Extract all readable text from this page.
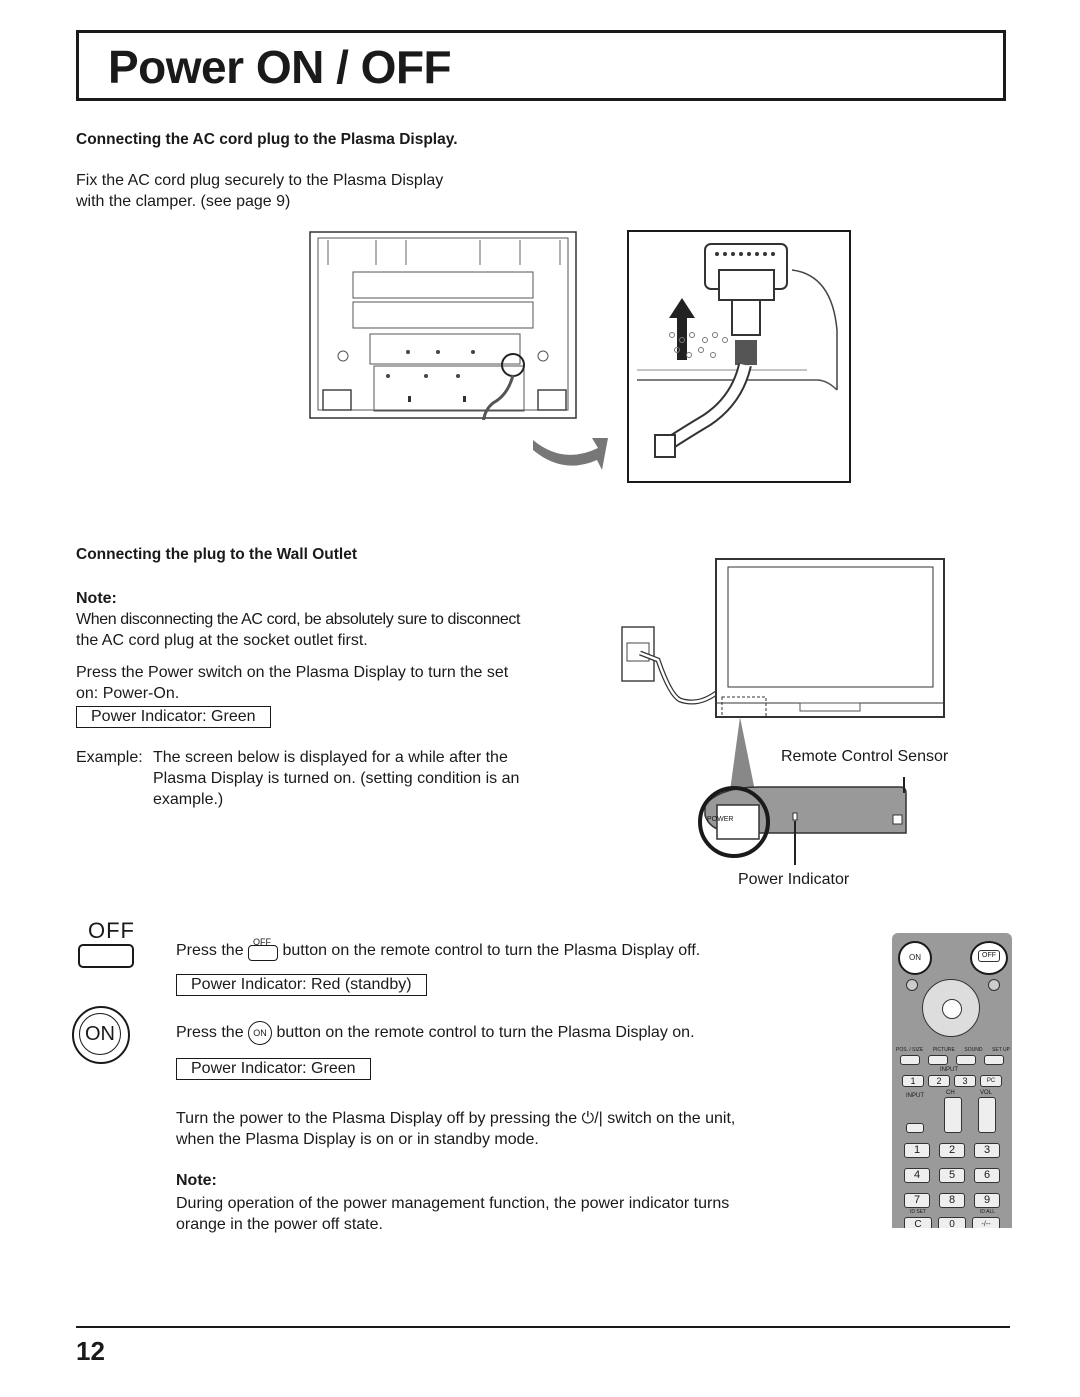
Power ON / OFF
Connecting the AC cord plug to the Plasma Display.
Fix the AC cord plug securely to the Plasma Display
with the clamper. (see page 9)
Connecting the plug to the Wall Outlet
Note:
When disconnecting the AC cord, be absolutely sure to disconnect
the AC cord plug at the socket outlet first.
Press the Power switch on the Plasma Display to turn the set
on: Power-On.
Power Indicator: Green
Example: The screen below is displayed for a while after the
Plasma Display is turned on. (setting condition is an
example.)
POWER
Remote Control Sensor
Power Indicator
OFF
ON
Press the
OFF
button on the remote control to turn the Plasma Display off.
Power Indicator: Red (standby)
Press the ON button on the remote control to turn the Plasma Display on.
Power Indicator: Green
Turn the power to the Plasma Display off by pressing the ⏻/| switch on the unit,
when the Plasma Display is on or in standby mode.
Note:
During operation of the power management function, the power indicator turns
orange in the power off state.
ON	OFF
POS. / SIZE PICTURE SOUND SET UP
INPUT
1	2	3	PC
INPUT	CH	VOL
1	2	3
4	5	6
7	8	9
ID SET	ID ALL
C	0	-/--
12
